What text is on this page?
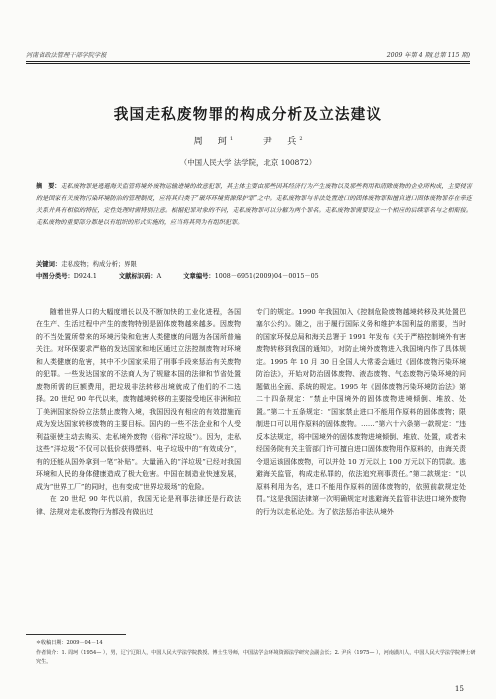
河南省政法管理干部学院学报	2009 年第 4 期(总第 115 期)
我国走私废物罪的构成分析及立法建议
周　珂$^1$	尹　兵$^2$
（中国人民大学 法学院，北京 100872）
摘　要：走私废物罪是逃避海关监管将境外废物运输进境的故意犯罪，其主体主要由那些因其经济行为产生废物以及那些利用和清除废物的企业所构成，主要侵害的是国家有关废物污染环境防治的管理制度，应将其归类于“破坏环境资源保护罪”之中。走私废物罪与非法处置进口的固体废物罪和擅自进口固体废物罪存在牵连关系并具有相似的特征，定性处理时需特别注意。根据犯罪对象的不同，走私废物罪可以分解为两个罪名。走私废物罪需要设立一个相应的后续罪名与之相衔接。走私废物的重要部分都是以有组织的形式实施的，应当将其列为有组织犯罪。
关键词：走私废物；构成分析；界限
中图分类号：D924.1	文献标识码：A	文章编号：1008－6951(2009)04－0015－05

随着世界人口的大幅度增长以及不断加快的工业化进程，各国在生产、生活过程中产生的废物特别是固体废物越来越多。因废物的不当处置所带来的环境污染和危害人类健康的问题为各国所普遍关注。对环保要求严格的发达国家和地区通过立法控制废物对环境和人类健康的危害，其中不少国家采用了刑事手段来惩治有关废物的犯罪。一些发达国家的不法商人为了规避本国的法律和节省处置废物所需的巨额费用，把垃圾非法转移出境就成了他们的不二选择。20 世纪 90 年代以来，废物越境转移的主要接受地区非洲和拉丁美洲国家纷纷立法禁止废物入境，我国因没有相应的有效措施而成为发达国家转移废物的主要目标。国内的一些不法企业和个人受利益驱使主动去购买、走私境外废物（俗称“洋垃圾”）。因为，走私这些“洋垃圾”不仅可以低价获得塑料、电子垃圾中的“有效成分”，有的还能从国外拿到一笔“补贴”。大量涌入的“洋垃圾”已经对我国环境和人民的身体健康造成了极大危害。中国在制造业快速发展，成为“世界工厂”的同时，也有变成“世界垃圾场”的危险。

在 20 世纪 90 年代以前，我国无论是刑事法律还是行政法律、法规对走私废物行为都没有做出过

专门的规定。1990 年我国加入《控制危险废物越境转移及其处置巴塞尔公约》。随之，出于履行国际义务和维护本国利益的需要，当时的国家环保总局和海关总署于 1991 年发布《关于严格控制境外有害废物转移到我国的通知》，对防止境外废物进入我国境内作了具体规定。1995 年 10 月 30 日全国人大常委会通过《固体废物污染环境防治法》，开始对防治固体废物、液态废物、气态废物污染环境的问题做出全面、系统的规定。1995 年《固体废物污染环境防治法》第二十四条规定：“禁止中国境外的固体废物进境倾倒、堆放、处置。”第二十五条规定：“国家禁止进口不能用作原料的固体废物；限制进口可以用作原料的固体废物。……”第六十六条第一款规定：“违反本法规定，将中国境外的固体废物进境倾倒、堆放、处置，或者未经国务院有关主管部门许可擅自进口固体废物用作原料的，由海关责令退运该固体废物，可以并处 10 万元以上 100 万元以下的罚款。逃避海关监管，构成走私罪的，依法追究刑事责任。”第二款规定：“以原料利用为名，进口不能用作原料的固体废物的，依照前款规定处罚。”这是我国法律第一次明确规定对逃避海关监管非法进口境外废物的行为以走私论处。为了依法惩治非法从境外

＊收稿日期：2009－04－14
作者简介：1. 周珂（1954— ），男，辽宁辽阳人，中国人民大学法学院教授、博士生导师，中国法学会环境资源法学研究会副会长；2. 尹兵（1975— ），河南潢川人，中国人民大学法学院博士研究生。
15
